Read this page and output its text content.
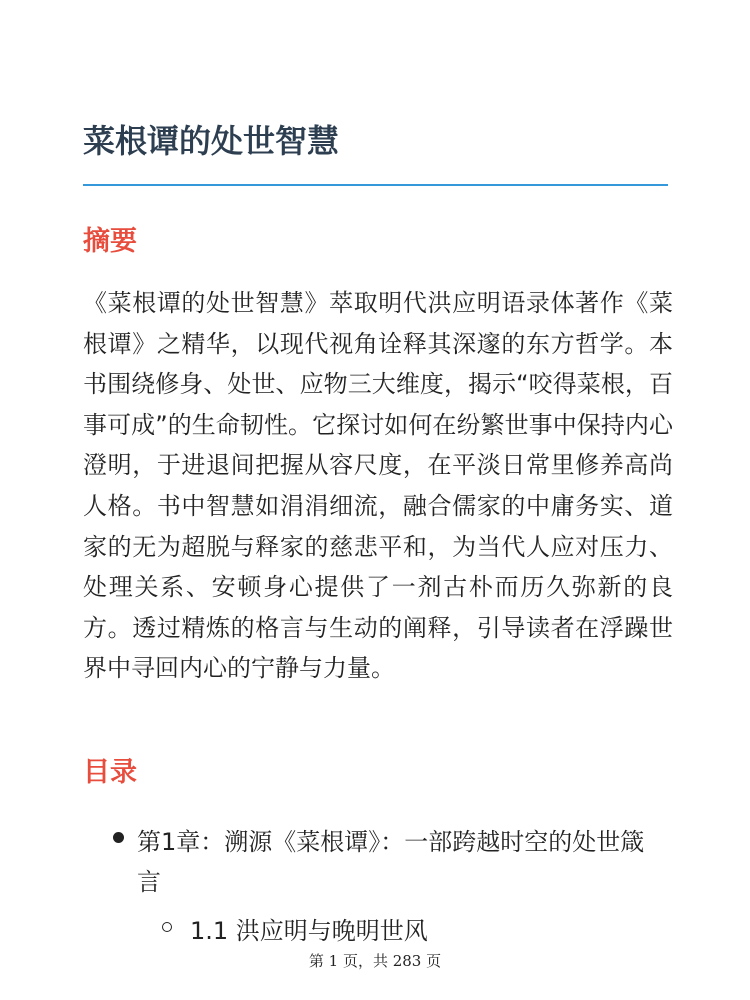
菜根谭的处世智慧
摘要

《菜根谭的处世智慧》萃取明代洪应明语录体著作《菜根谭》之精华，以现代视角诠释其深邃的东方哲学。本书围绕修身、处世、应物三大维度，揭示“咬得菜根，百事可成”的生命韧性。它探讨如何在纷繁世事中保持内心澄明，于进退间把握从容尺度，在平淡日常里修养高尚人格。书中智慧如涓涓细流，融合儒家的中庸务实、道家的无为超脱与释家的慈悲平和，为当代人应对压力、处理关系、安顿身心提供了一剂古朴而历久弥新的良方。透过精炼的格言与生动的阐释，引导读者在浮躁世界中寻回内心的宁静与力量。

目录

第1章：溯源《菜根谭》：一部跨越时空的处世箴言

1.1 洪应明与晚明世风

第 1 页，共 283 页
